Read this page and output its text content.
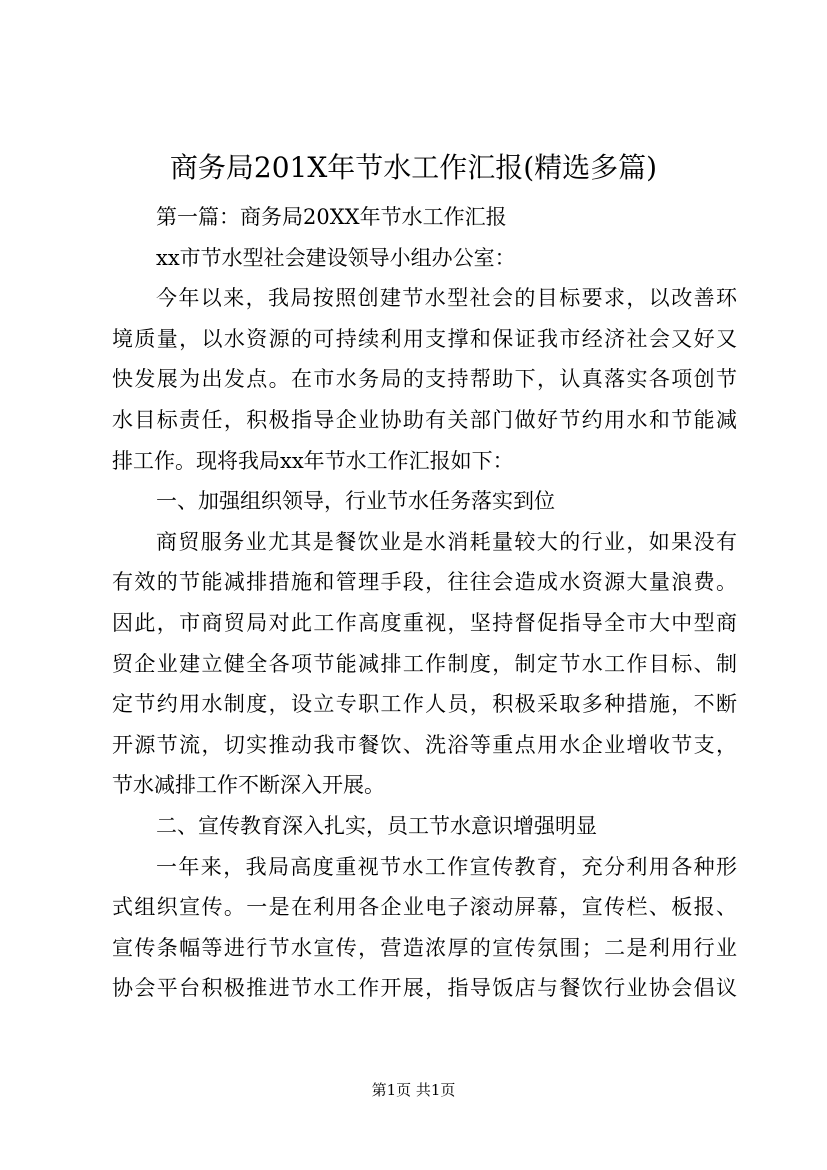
商务局201X年节水工作汇报(精选多篇)
第一篇：商务局20XX年节水工作汇报
xx市节水型社会建设领导小组办公室：
今年以来，我局按照创建节水型社会的目标要求，以改善环
境质量，以水资源的可持续利用支撑和保证我市经济社会又好又
快发展为出发点。在市水务局的支持帮助下，认真落实各项创节
水目标责任，积极指导企业协助有关部门做好节约用水和节能减
排工作。现将我局xx年节水工作汇报如下：
一、加强组织领导，行业节水任务落实到位
商贸服务业尤其是餐饮业是水消耗量较大的行业，如果没有
有效的节能减排措施和管理手段，往往会造成水资源大量浪费。
因此，市商贸局对此工作高度重视，坚持督促指导全市大中型商
贸企业建立健全各项节能减排工作制度，制定节水工作目标、制
定节约用水制度，设立专职工作人员，积极采取多种措施，不断
开源节流，切实推动我市餐饮、洗浴等重点用水企业增收节支，
节水减排工作不断深入开展。
二、宣传教育深入扎实，员工节水意识增强明显
一年来，我局高度重视节水工作宣传教育，充分利用各种形
式组织宣传。一是在利用各企业电子滚动屏幕，宣传栏、板报、
宣传条幅等进行节水宣传，营造浓厚的宣传氛围；二是利用行业
协会平台积极推进节水工作开展，指导饭店与餐饮行业协会倡议
第1页 共1页
